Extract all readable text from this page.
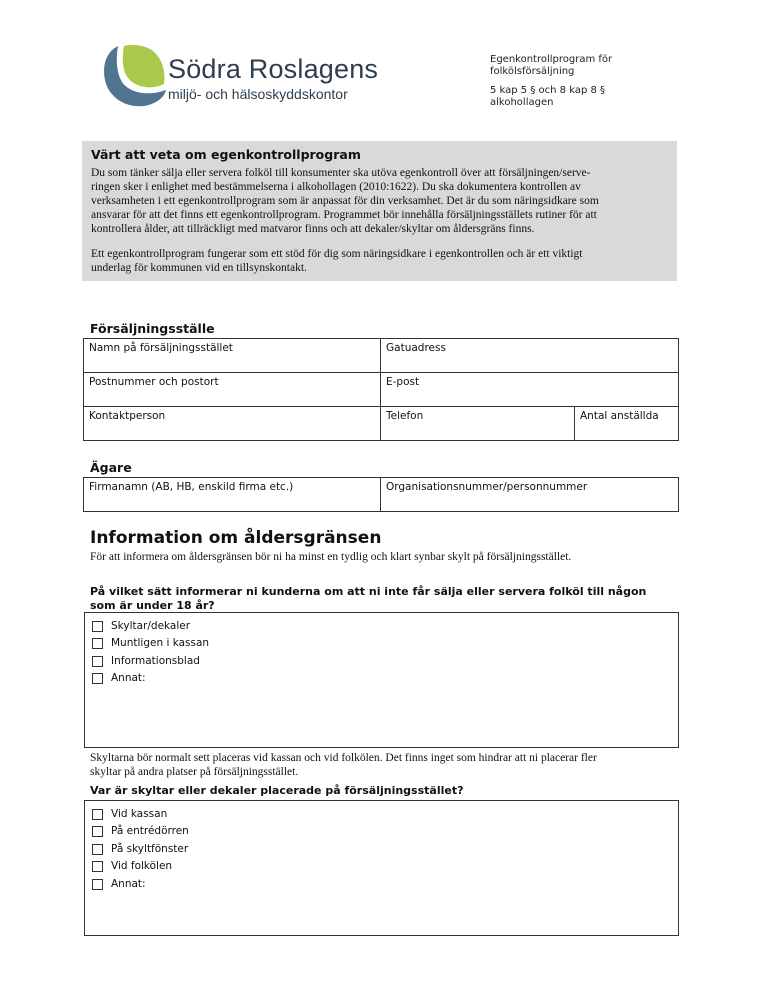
Södra Roslagens
miljö- och hälsoskyddskontor
Egenkontrollprogram för folkölsförsäljning
5 kap 5 § och 8 kap 8 § alkohollagen
Värt att veta om egenkontrollprogram

Du som tänker sälja eller servera folköl till konsumenter ska utöva egenkontroll över att försäljningen/serve-
ringen sker i enlighet med bestämmelserna i alkohollagen (2010:1622). Du ska dokumentera kontrollen av
verksamheten i ett egenkontrollprogram som är anpassat för din verksamhet. Det är du som näringsidkare som
ansvarar för att det finns ett egenkontrollprogram. Programmet bör innehålla försäljningsställets rutiner för att
kontrollera ålder, att tillräckligt med matvaror finns och att dekaler/skyltar om åldersgräns finns.

Ett egenkontrollprogram fungerar som ett stöd för dig som näringsidkare i egenkontrollen och är ett viktigt
underlag för kommunen vid en tillsynskontakt.

Försäljningsställe
Namn på försäljningsstället	Gatuadress	
Postnummer och postort	E-post	
Kontaktperson	Telefon	Antal anställda
Ägare
Firmanamn (AB, HB, enskild firma etc.)	Organisationsnummer/personnummer
Information om åldersgränsen
För att informera om åldersgränsen bör ni ha minst en tydlig och klart synbar skylt på försäljningsstället.
På vilket sätt informerar ni kunderna om att ni inte får sälja eller servera folköl till någon
som är under 18 år?
Skyltar/dekaler
Muntligen i kassan
Informationsblad
Annat:
Skyltarna bör normalt sett placeras vid kassan och vid folkölen. Det finns inget som hindrar att ni placerar fler
skyltar på andra platser på försäljningsstället.
Var är skyltar eller dekaler placerade på försäljningsstället?
Vid kassan
På entrédörren
På skyltfönster
Vid folkölen
Annat:
